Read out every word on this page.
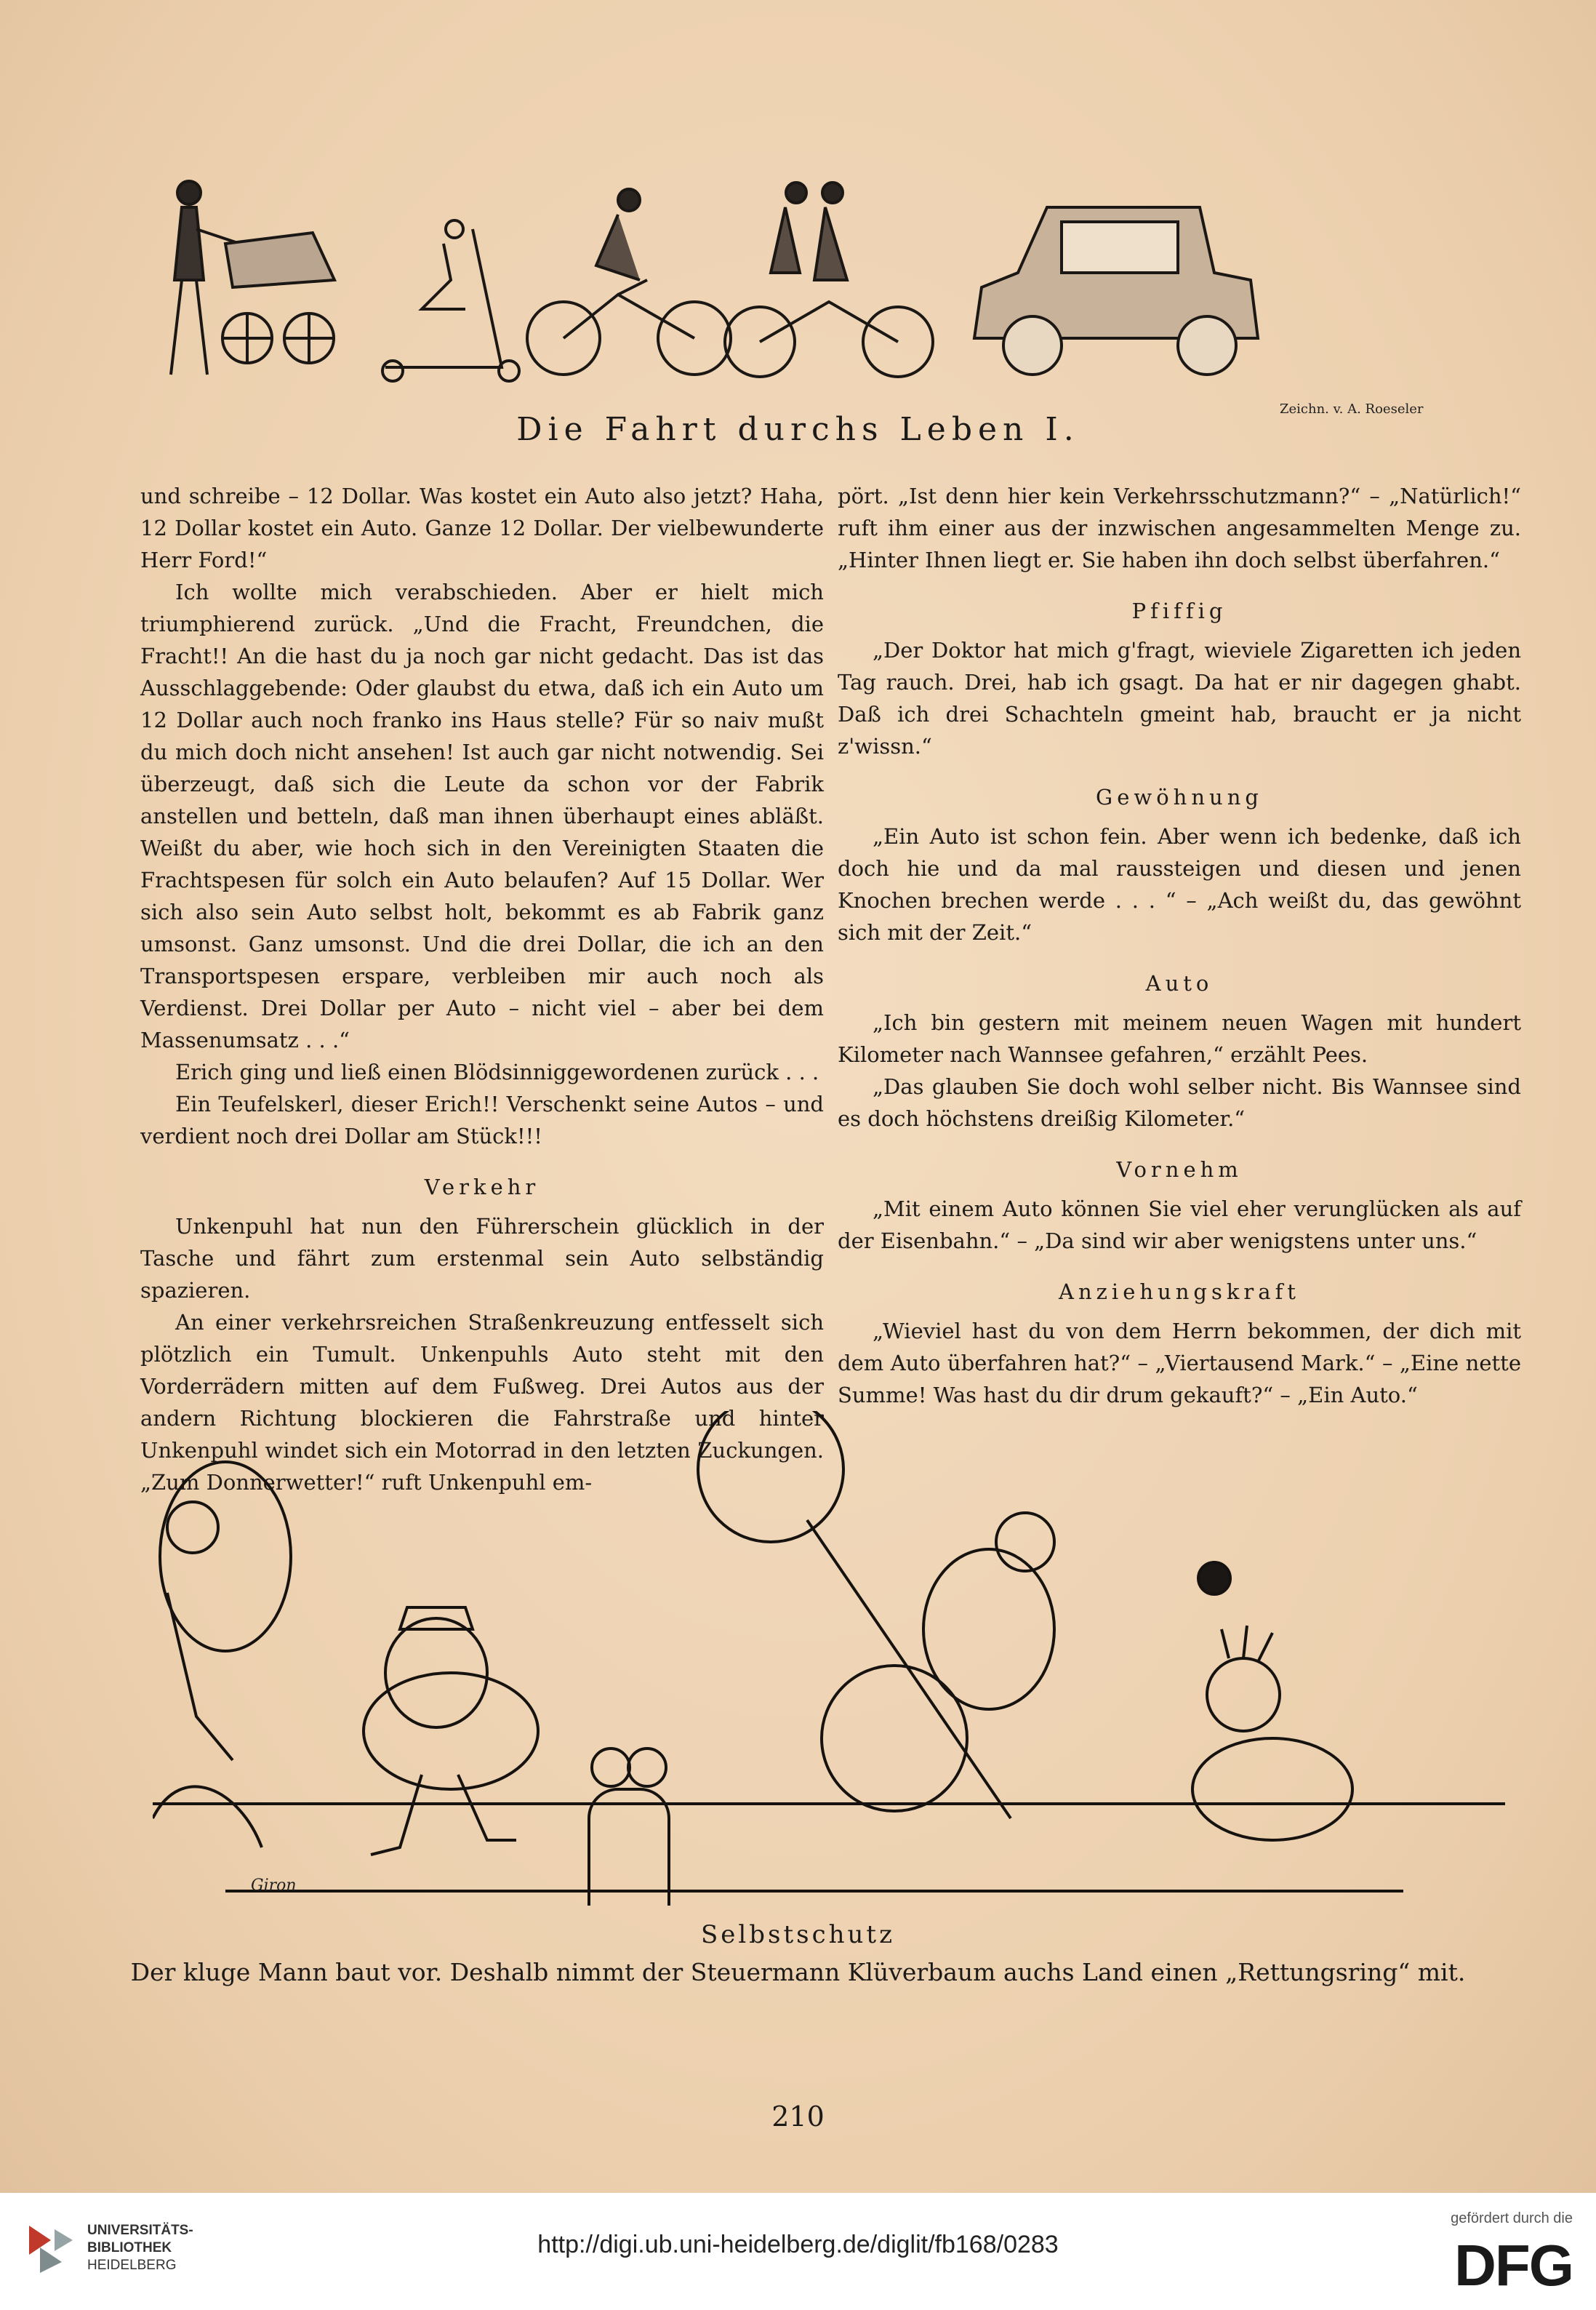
Zeichn. v. A. Roeseler
Die Fahrt durchs Leben I.

und schreibe – 12 Dollar. Was kostet ein Auto also jetzt? Haha, 12 Dollar kostet ein Auto. Ganze 12 Dollar. Der vielbewunderte Herr Ford!“

Ich wollte mich verabschieden. Aber er hielt mich triumphierend zurück. „Und die Fracht, Freundchen, die Fracht!! An die hast du ja noch gar nicht gedacht. Das ist das Ausschlaggebende: Oder glaubst du etwa, daß ich ein Auto um 12 Dollar auch noch franko ins Haus stelle? Für so naiv mußt du mich doch nicht ansehen! Ist auch gar nicht notwendig. Sei überzeugt, daß sich die Leute da schon vor der Fabrik anstellen und betteln, daß man ihnen überhaupt eines abläßt. Weißt du aber, wie hoch sich in den Vereinigten Staaten die Frachtspesen für solch ein Auto belaufen? Auf 15 Dollar. Wer sich also sein Auto selbst holt, bekommt es ab Fabrik ganz umsonst. Ganz umsonst. Und die drei Dollar, die ich an den Transportspesen erspare, verbleiben mir auch noch als Verdienst. Drei Dollar per Auto – nicht viel – aber bei dem Massenumsatz . . .“

Erich ging und ließ einen Blödsinniggewordenen zurück . . .

Ein Teufelskerl, dieser Erich!! Verschenkt seine Autos – und verdient noch drei Dollar am Stück!!!

Verkehr

Unkenpuhl hat nun den Führerschein glücklich in der Tasche und fährt zum erstenmal sein Auto selbständig spazieren.

An einer verkehrsreichen Straßenkreuzung entfesselt sich plötzlich ein Tumult. Unkenpuhls Auto steht mit den Vorderrädern mitten auf dem Fußweg. Drei Autos aus der andern Richtung blockieren die Fahrstraße und hinter Unkenpuhl windet sich ein Motorrad in den letzten Zuckungen. „Zum Donnerwetter!“ ruft Unkenpuhl em-

pört. „Ist denn hier kein Verkehrsschutzmann?“ – „Natürlich!“ ruft ihm einer aus der inzwischen angesammelten Menge zu. „Hinter Ihnen liegt er. Sie haben ihn doch selbst überfahren.“

Pfiffig

„Der Doktor hat mich g'fragt, wieviele Zigaretten ich jeden Tag rauch. Drei, hab ich gsagt. Da hat er nir dagegen ghabt. Daß ich drei Schachteln gmeint hab, braucht er ja nicht z'wissn.“

Gewöhnung

„Ein Auto ist schon fein. Aber wenn ich bedenke, daß ich doch hie und da mal raussteigen und diesen und jenen Knochen brechen werde . . . “ – „Ach weißt du, das gewöhnt sich mit der Zeit.“

Auto

„Ich bin gestern mit meinem neuen Wagen mit hundert Kilometer nach Wannsee gefahren,“ erzählt Pees.

„Das glauben Sie doch wohl selber nicht. Bis Wannsee sind es doch höchstens dreißig Kilometer.“

Vornehm

„Mit einem Auto können Sie viel eher verunglücken als auf der Eisenbahn.“ – „Da sind wir aber wenigstens unter uns.“

Anziehungskraft

„Wieviel hast du von dem Herrn bekommen, der dich mit dem Auto überfahren hat?“ – „Viertausend Mark.“ – „Eine nette Summe! Was hast du dir drum gekauft?“ – „Ein Auto.“

Giron
Selbstschutz
Der kluge Mann baut vor. Deshalb nimmt der Steuermann Klüverbaum auchs Land einen „Rettungsring“ mit.
210
UNIVERSITÄTS-
BIBLIOTHEK
HEIDELBERG
http://digi.ub.uni-heidelberg.de/diglit/fb168/0283
gefördert durch die
DFG
